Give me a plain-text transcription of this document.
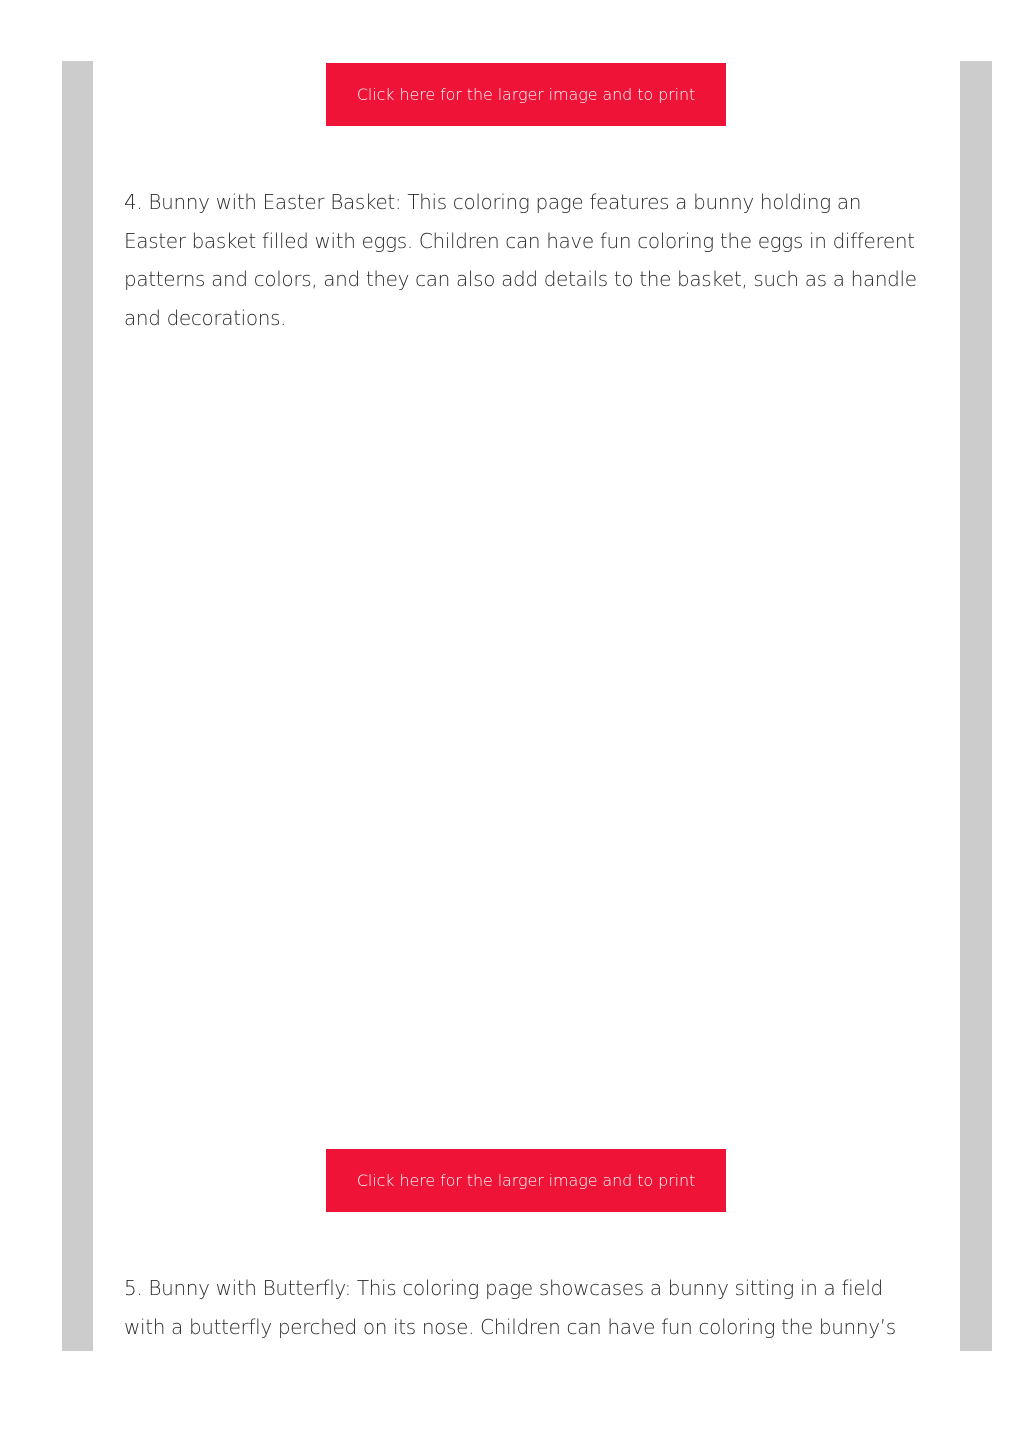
Click here for the larger image and to print

4. Bunny with Easter Basket: This coloring page features a bunny holding an Easter basket filled with eggs. Children can have fun coloring the eggs in different patterns and colors, and they can also add details to the basket, such as a handle and decorations.

Click here for the larger image and to print

5. Bunny with Butterfly: This coloring page showcases a bunny sitting in a field with a butterfly perched on its nose. Children can have fun coloring the bunny’s
